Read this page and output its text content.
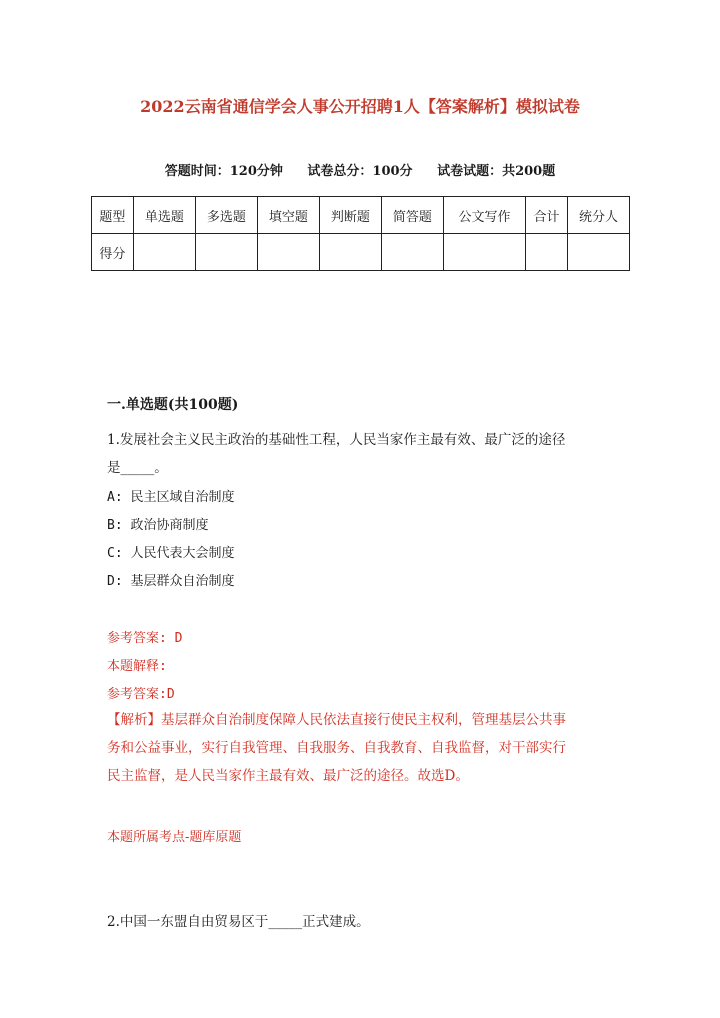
2022云南省通信学会人事公开招聘1人【答案解析】模拟试卷
答题时间：120分钟 试卷总分：100分 试卷试题：共200题
题型	单选题	多选题	填空题	判断题	简答题	公文写作	合计	统分人
得分								
一.单选题(共100题)
1.发展社会主义民主政治的基础性工程，人民当家作主最有效、最广泛的途径
是_____。
A: 民主区域自治制度
B: 政治协商制度
C: 人民代表大会制度
D: 基层群众自治制度
参考答案: D
本题解释:
参考答案:D
【解析】基层群众自治制度保障人民依法直接行使民主权利，管理基层公共事
务和公益事业，实行自我管理、自我服务、自我教育、自我监督，对干部实行
民主监督，是人民当家作主最有效、最广泛的途径。故选D。
本题所属考点-题库原题
2.中国一东盟自由贸易区于_____正式建成。
